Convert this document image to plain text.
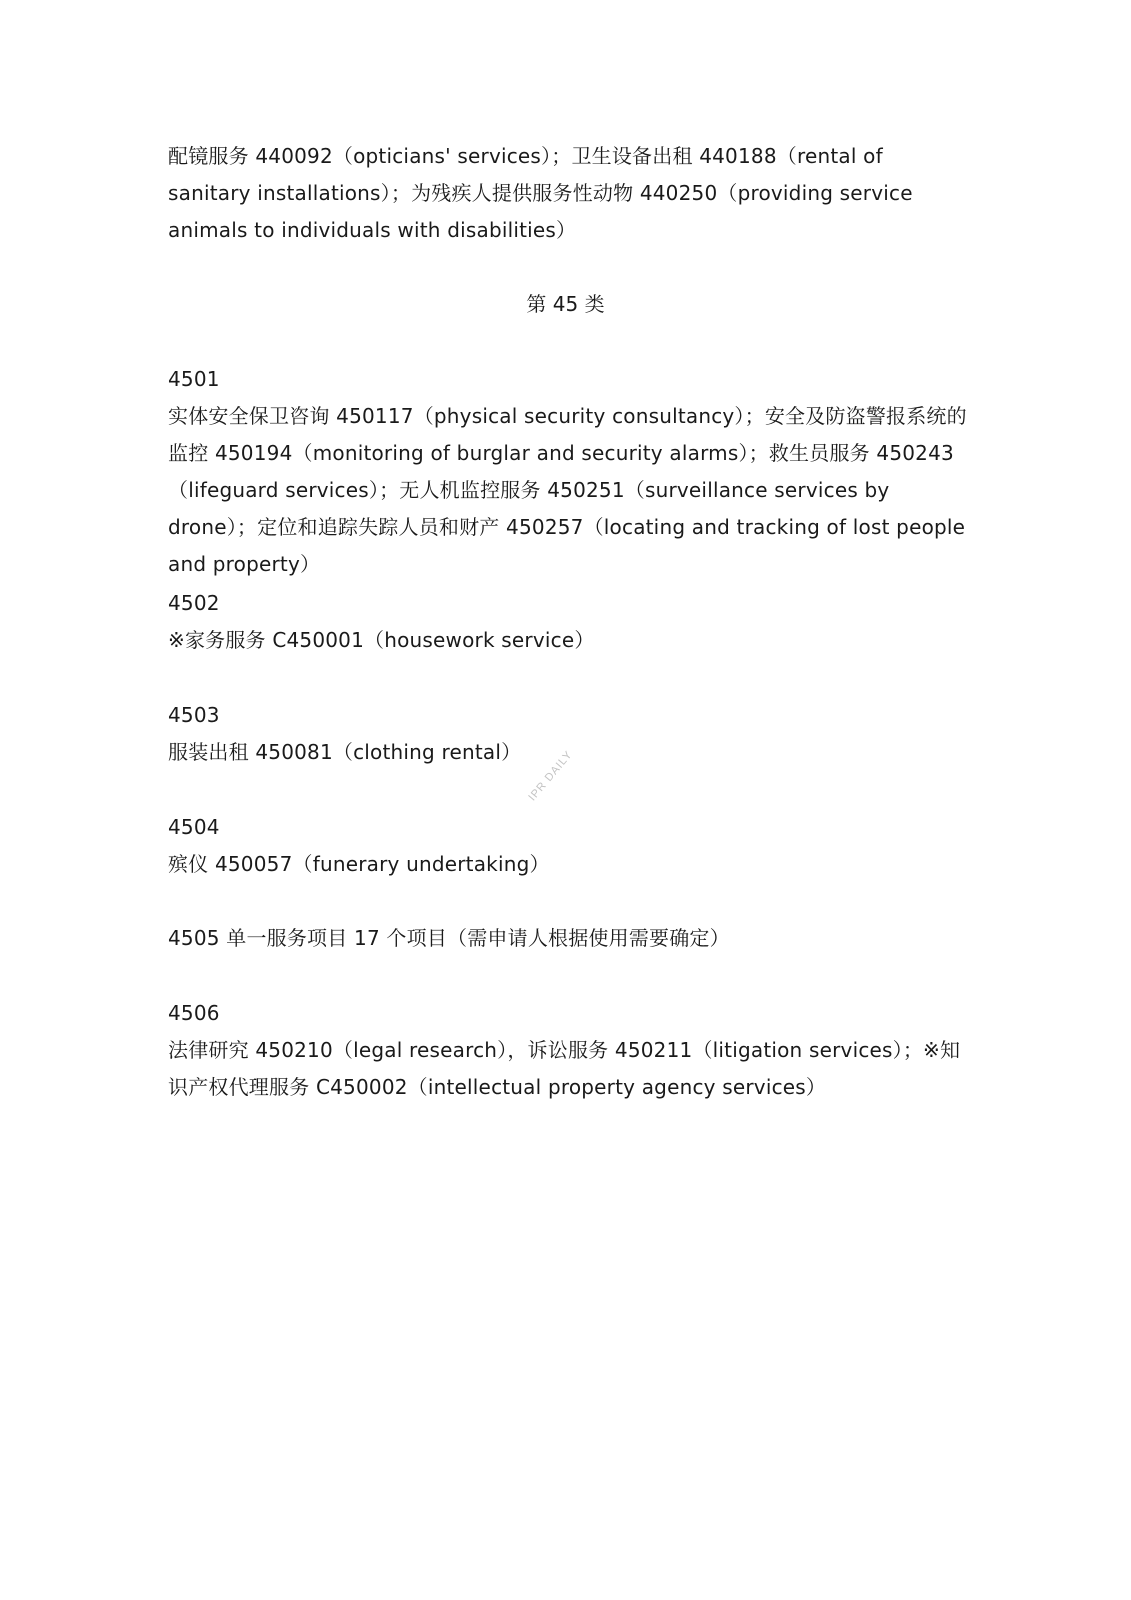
配镜服务 440092（opticians' services）；卫生设备出租 440188（rental of sanitary installations）；为残疾人提供服务性动物 440250（providing service animals to individuals with disabilities）

第 45 类

4501
实体安全保卫咨询 450117（physical security consultancy）；安全及防盗警报系统的监控 450194（monitoring of burglar and security alarms）；救生员服务 450243（lifeguard services）；无人机监控服务 450251（surveillance services by drone）；定位和追踪失踪人员和财产 450257（locating and tracking of lost people and property）
4502
※家务服务 C450001（housework service）
4503
服装出租 450081（clothing rental）
4504
殡仪 450057（funerary undertaking）
4505 单一服务项目 17 个项目（需申请人根据使用需要确定）
4506
法律研究 450210（legal research），诉讼服务 450211（litigation services）；※知识产权代理服务 C450002（intellectual property agency services）
IPR DAILY
